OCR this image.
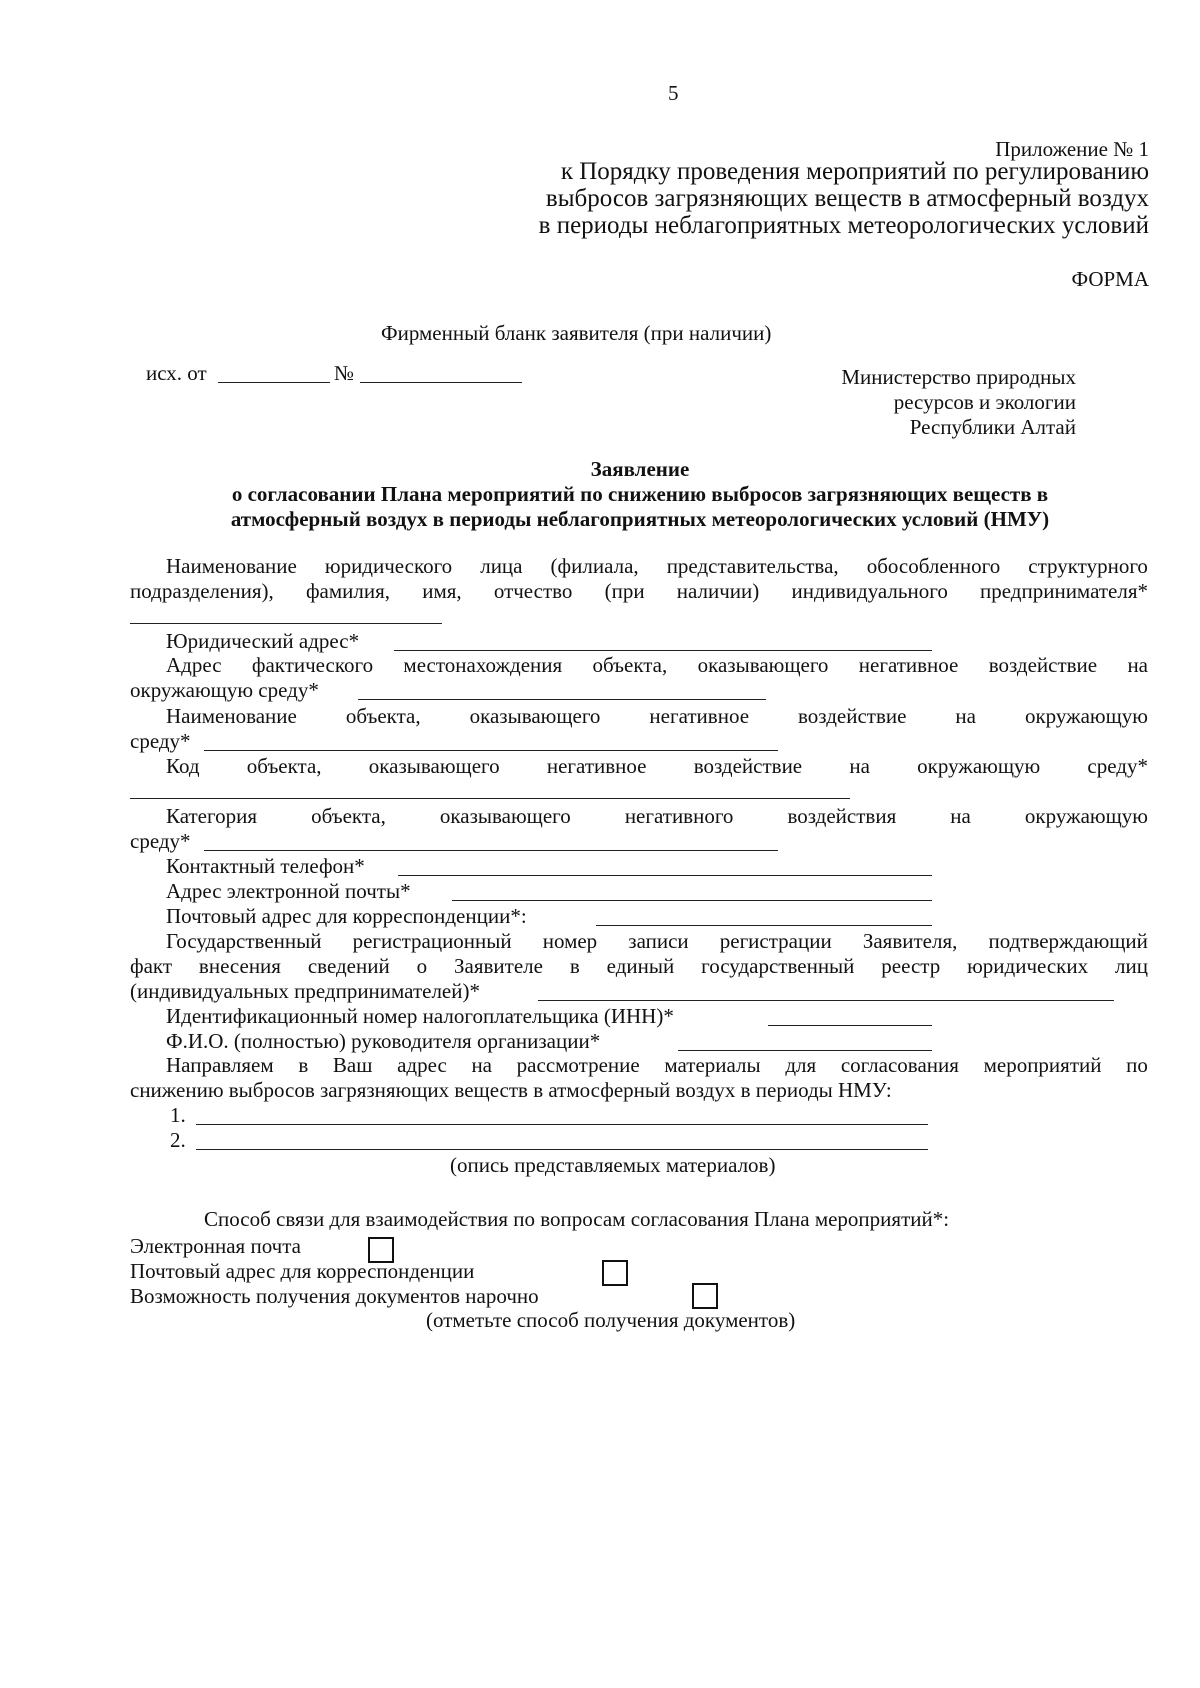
5
Приложение № 1
к Порядку проведения мероприятий по регулированию
выбросов загрязняющих веществ в атмосферный воздух
в периоды неблагоприятных метеорологических условий
ФОРМА
Фирменный бланк заявителя (при наличии)
исх. от	№	Министерство природных
ресурсов и экологии
Республики Алтай
Заявление
о согласовании Плана мероприятий по снижению выбросов загрязняющих веществ в
атмосферный воздух в периоды неблагоприятных метеорологических условий (НМУ)
Наименование юридического лица (филиала, представительства, обособленного структурного
подразделения), фамилия, имя, отчество (при наличии) индивидуального предпринимателя*
Юридический адрес*
Адрес фактического местонахождения объекта, оказывающего негативное воздействие на
окружающую среду*
Наименование объекта, оказывающего негативное воздействие на окружающую
среду*
Код объекта, оказывающего негативное воздействие на окружающую среду*
Категория	объекта,	оказывающего	негативного	воздействия	на	окружающую
среду*
Контактный телефон*
Адрес электронной почты*
Почтовый адрес для корреспонденции*:
Государственный регистрационный номер записи регистрации Заявителя, подтверждающий
факт внесения сведений о Заявителе в единый государственный реестр юридических лиц
(индивидуальных предпринимателей)*
Идентификационный номер налогоплательщика (ИНН)*
Ф.И.О. (полностью) руководителя организации*
Направляем в Ваш адрес на рассмотрение материалы для согласования мероприятий по
снижению выбросов загрязняющих веществ в атмосферный воздух в периоды НМУ:
1.
2.
(опись представляемых материалов)
Способ связи для взаимодействия по вопросам согласования Плана мероприятий*:
Электронная почта
Почтовый адрес для корреспонденции
Возможность получения документов нарочно
(отметьте способ получения документов)
